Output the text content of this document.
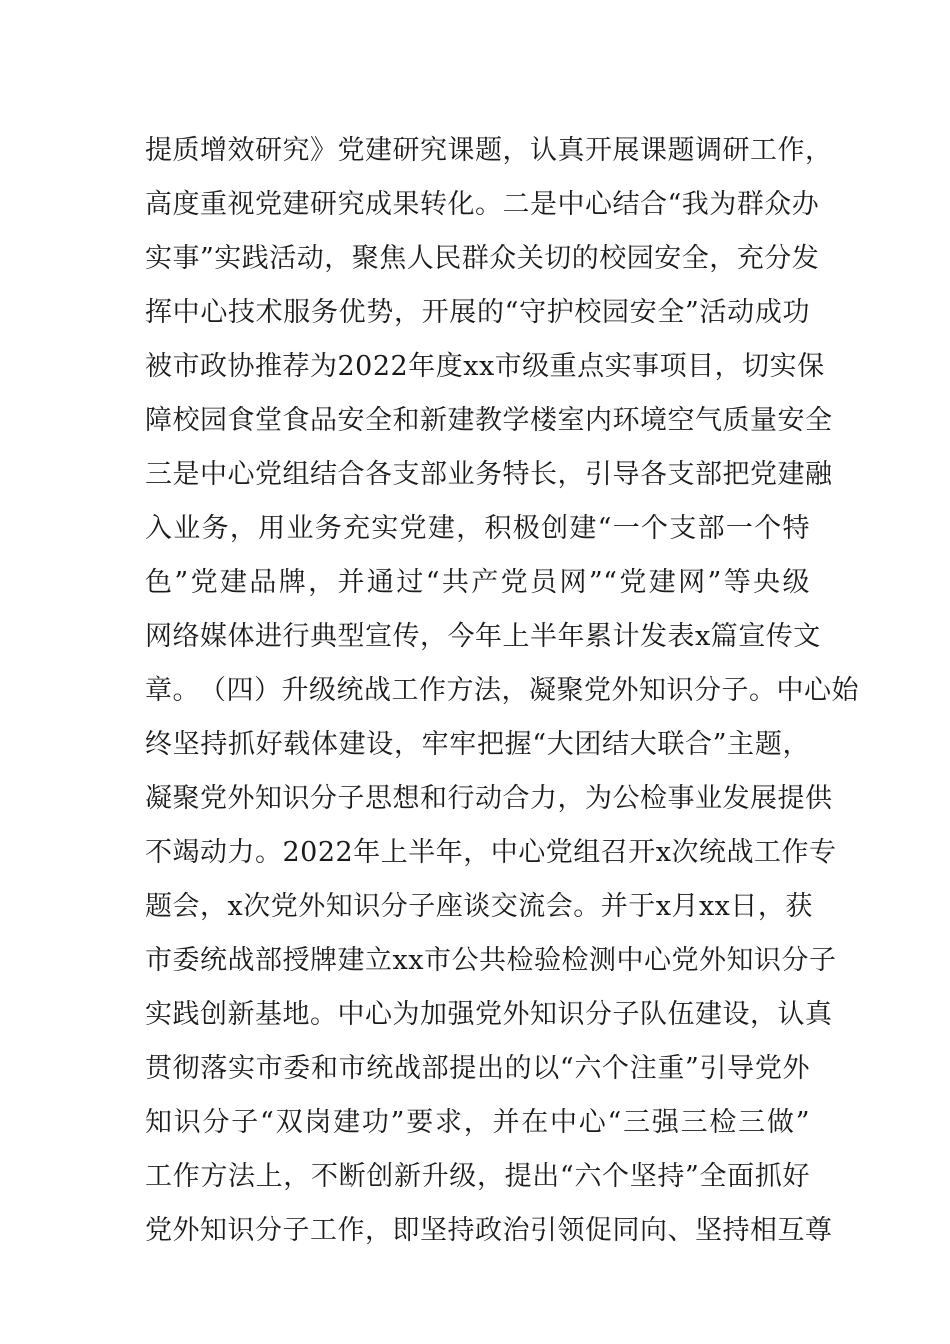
提质增效研究》党建研究课题，认真开展课题调研工作，
高度重视党建研究成果转化。二是中心结合“我为群众办
实事”实践活动，聚焦人民群众关切的校园安全，充分发
挥中心技术服务优势，开展的“守护校园安全”活动成功
被市政协推荐为2022年度xx市级重点实事项目，切实保
障校园食堂食品安全和新建教学楼室内环境空气质量安全
三是中心党组结合各支部业务特长，引导各支部把党建融
入业务，用业务充实党建，积极创建“一个支部一个特
色”党建品牌，并通过“共产党员网”“党建网”等央级
网络媒体进行典型宣传，今年上半年累计发表x篇宣传文
章。 （四）升级统战工作方法，凝聚党外知识分子。中心始
终坚持抓好载体建设，牢牢把握“大团结大联合”主题，
凝聚党外知识分子思想和行动合力，为公检事业发展提供
不竭动力。2022年上半年，中心党组召开x次统战工作专
题会，x次党外知识分子座谈交流会。并于x月xx日，获
市委统战部授牌建立xx市公共检验检测中心党外知识分子
实践创新基地。中心为加强党外知识分子队伍建设，认真
贯彻落实市委和市统战部提出的以“六个注重”引导党外
知识分子“双岗建功”要求，并在中心“三强三检三做”
工作方法上，不断创新升级，提出“六个坚持”全面抓好
党外知识分子工作，即坚持政治引领促同向、坚持相互尊
